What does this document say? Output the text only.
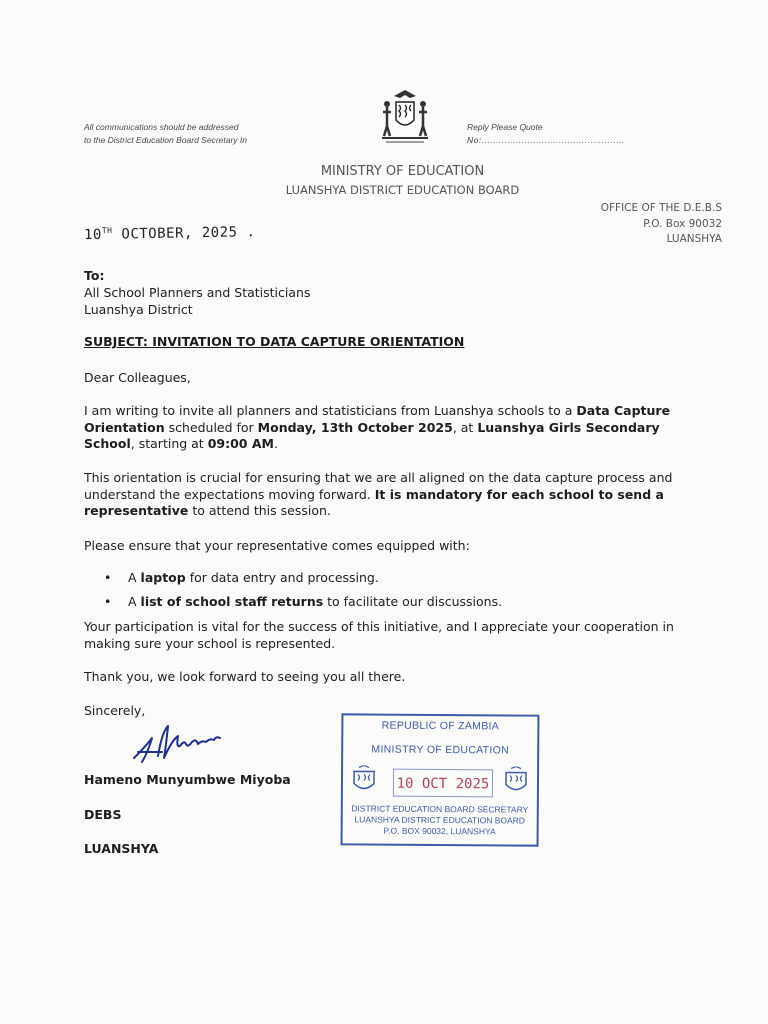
All communications should be addressed
to the District Education Board Secretary In
Reply Please Quote
No:..................................................
MINISTRY OF EDUCATION
LUANSHYA DISTRICT EDUCATION BOARD
OFFICE OF THE D.E.B.S
P.O. Box 90032
LUANSHYA
10TH OCTOBER, 2025 .
To:
All School Planners and Statisticians
Luanshya District
SUBJECT: INVITATION TO DATA CAPTURE ORIENTATION
Dear Colleagues,
I am writing to invite all planners and statisticians from Luanshya schools to a Data Capture Orientation scheduled for Monday, 13th October 2025, at Luanshya Girls Secondary School, starting at 09:00 AM.
This orientation is crucial for ensuring that we are all aligned on the data capture process and understand the expectations moving forward. It is mandatory for each school to send a representative to attend this session.
Please ensure that your representative comes equipped with:
• A laptop for data entry and processing.
• A list of school staff returns to facilitate our discussions.
Your participation is vital for the success of this initiative, and I appreciate your cooperation in making sure your school is represented.
Thank you, we look forward to seeing you all there.
Sincerely,
Hameno Munyumbwe Miyoba
DEBS
LUANSHYA
REPUBLIC OF ZAMBIA
MINISTRY OF EDUCATION
10 OCT 2025
DISTRICT EDUCATION BOARD SECRETARY
LUANSHYA DISTRICT EDUCATION BOARD
P.O. BOX 90032, LUANSHYA
